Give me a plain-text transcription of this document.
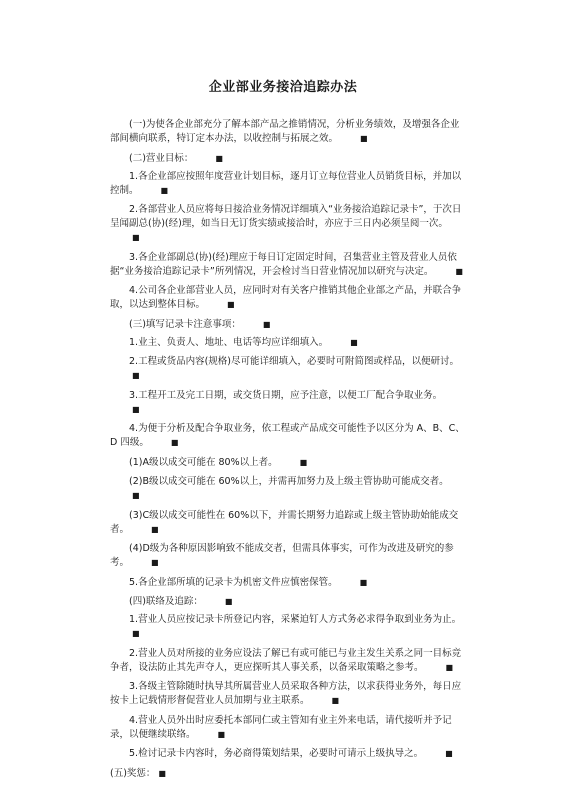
企业部业务接洽追踪办法

(一)为使各企业部充分了解本部产品之推销情况，分析业务绩效，及增强各企业部间横向联系，特订定本办法，以收控制与拓展之效。	■

(二)营业目标：	■

1.各企业部应按照年度营业计划目标，逐月订立每位营业人员销货目标，并加以控制。	■

2.各部营业人员应将每日接洽业务情况详细填入“业务接洽追踪记录卡”，于次日呈闻副总(协)(经)理，如当日无订货实绩或接洽时，亦应于三日内必须呈阅一次。■

3.各企业部副总(协)(经)理应于每日订定固定时间，召集营业主管及营业人员依据“业务接洽追踪记录卡”所列情况，开会检讨当日营业情况加以研究与决定。	■

4.公司各企业部营业人员，应同时对有关客户推销其他企业部之产品，并联合争取，以达到整体目标。	■

(三)填写记录卡注意事项：	■

1.业主、负责人、地址、电话等均应详细填入。	■

2.工程或货品内容(规格)尽可能详细填入，必要时可附简图或样品，以便研讨。■

3.工程开工及完工日期，或交货日期，应予注意，以便工厂配合争取业务。■

4.为便于分析及配合争取业务，依工程或产品成交可能性予以区分为 A、B、C、D 四级。	■

(1)A级以成交可能在 80%以上者。	■

(2)B级以成交可能在 60%以上，并需再加努力及上级主管协助可能成交者。■

(3)C级以成交可能性在 60%以下，并需长期努力追踪或上级主管协助始能成交者。	■

(4)D级为各种原因影响致不能成交者，但需具体事实，可作为改进及研究的参考。	■

5.各企业部所填的记录卡为机密文件应慎密保管。	■

(四)联络及追踪：	■

1.营业人员应按记录卡所登记内容，采紧迫钉人方式务必求得争取到业务为止。■

2.营业人员对所接的业务应设法了解已有或可能已与业主发生关系之同一目标竞争者，设法防止其先声夺人，更应探听其人事关系，以备采取策略之参考。	■

3.各级主管除随时执导其所属营业人员采取各种方法，以求获得业务外，每日应按卡上记载情形督促营业人员加期与业主联系。	■

4.营业人员外出时应委托本部同仁或主管知有业主外来电话，请代接听并予记录，以便继续联络。	■

5.检讨记录卡内容时，务必商得策划结果，必要时可请示上级执导之。	■

(五)奖惩： ■
